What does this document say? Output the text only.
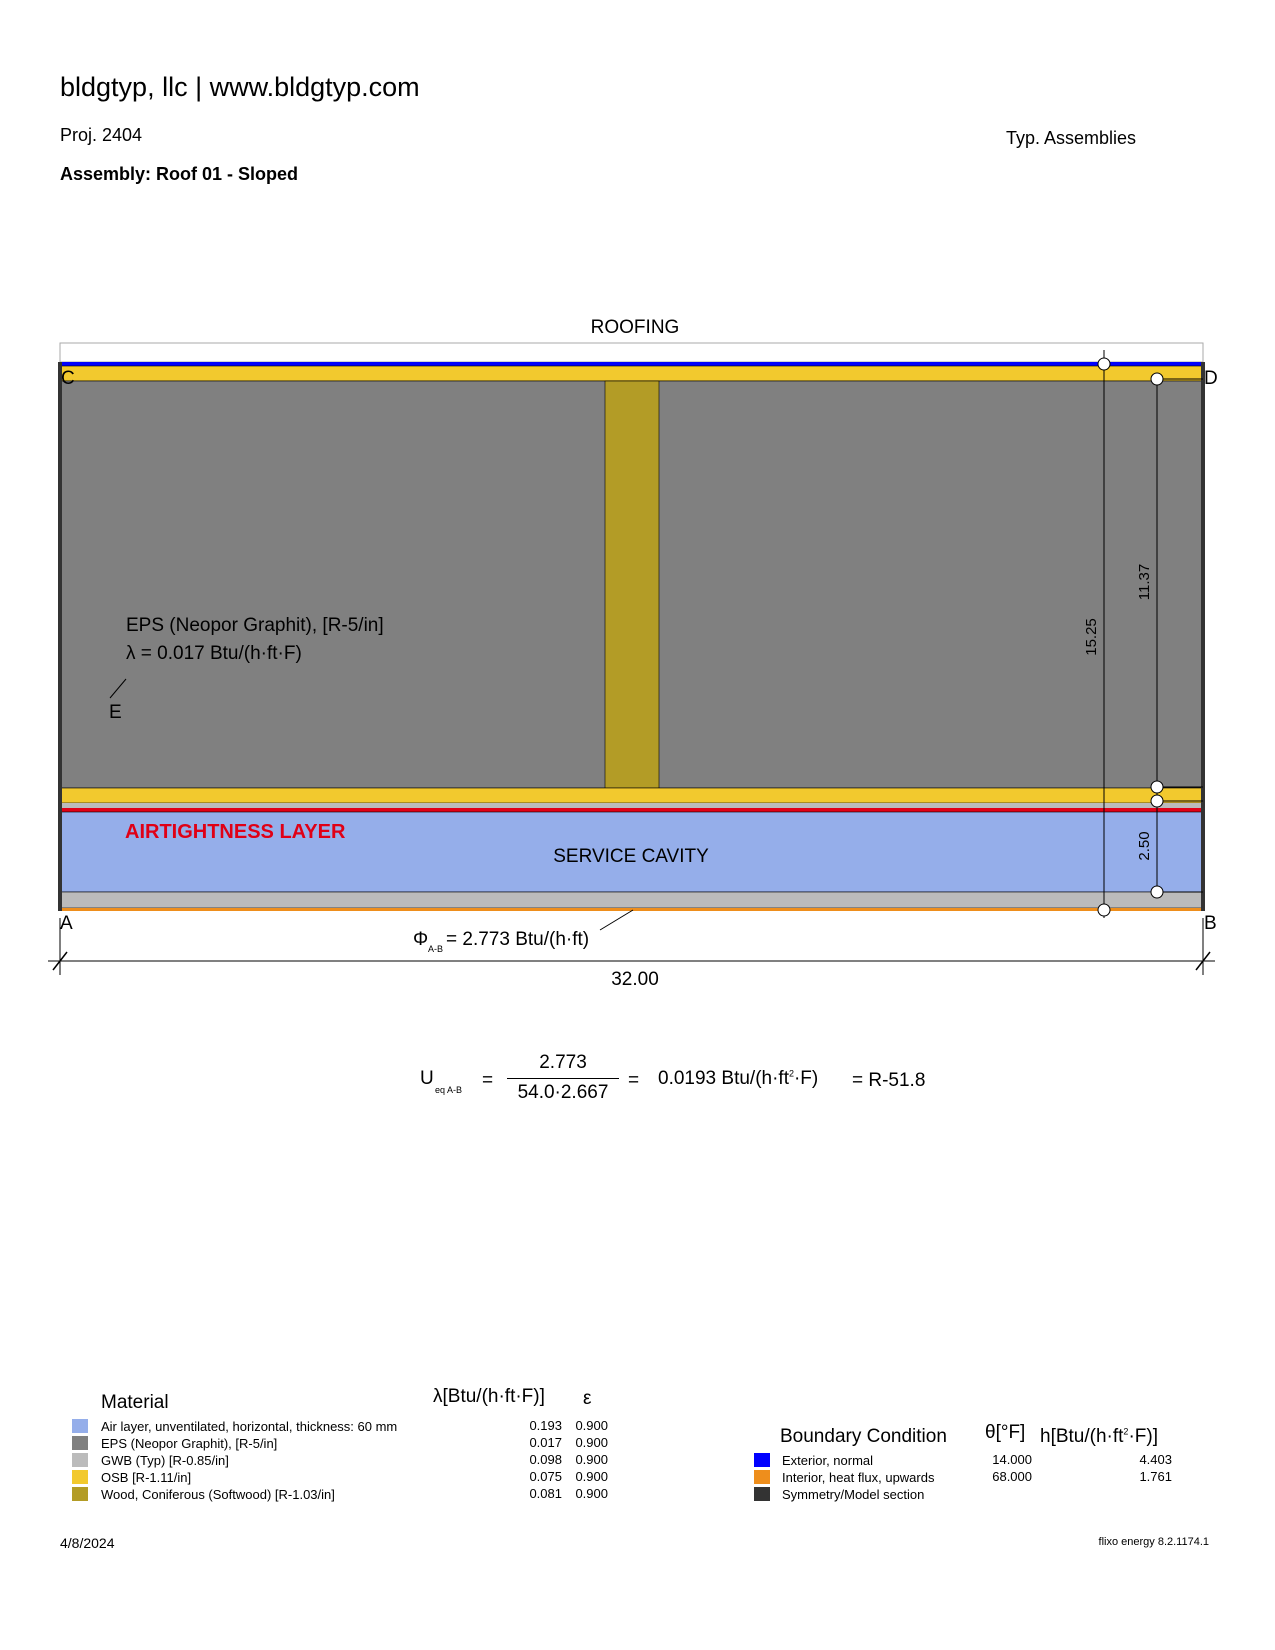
bldgtyp, llc | www.bldgtyp.com
Proj. 2404
Assembly: Roof 01 - Sloped
Typ. Assemblies
ROOFING
C	D
A	B
EPS (Neopor Graphit), [R-5/in]
λ = 0.017 Btu/(h·ft·F)
E
AIRTIGHTNESS LAYER
SERVICE CAVITY
15.25
11.37
2.50
Φ A-B = 2.773 Btu/(h·ft)
32.00
U
eq A-B =
2.773
54.0·2.667
= 0.0193 Btu/$(h\cdot ft^2\cdot F) = R-51.8$
Material	λ[Btu/(h·ft·F)] ε
Air layer, unventilated, horizontal, thickness: 60 mm	0.193	0.900
EPS (Neopor Graphit), [R-5/in]	0.017	0.900
GWB (Typ) [R-0.85/in]	0.098	0.900
OSB [R-1.11/in]	0.075	0.900
Wood, Coniferous (Softwood) [R-1.03/in]	0.081	0.900
Boundary Condition θ[°F] $h[Btu/(h\cdot ft^2\cdot F)]$
Exterior, normal	14.000	4.403
Interior, heat flux, upwards	68.000	1.761
Symmetry/Model section
4/8/2024	flixo energy 8.2.1174.1
